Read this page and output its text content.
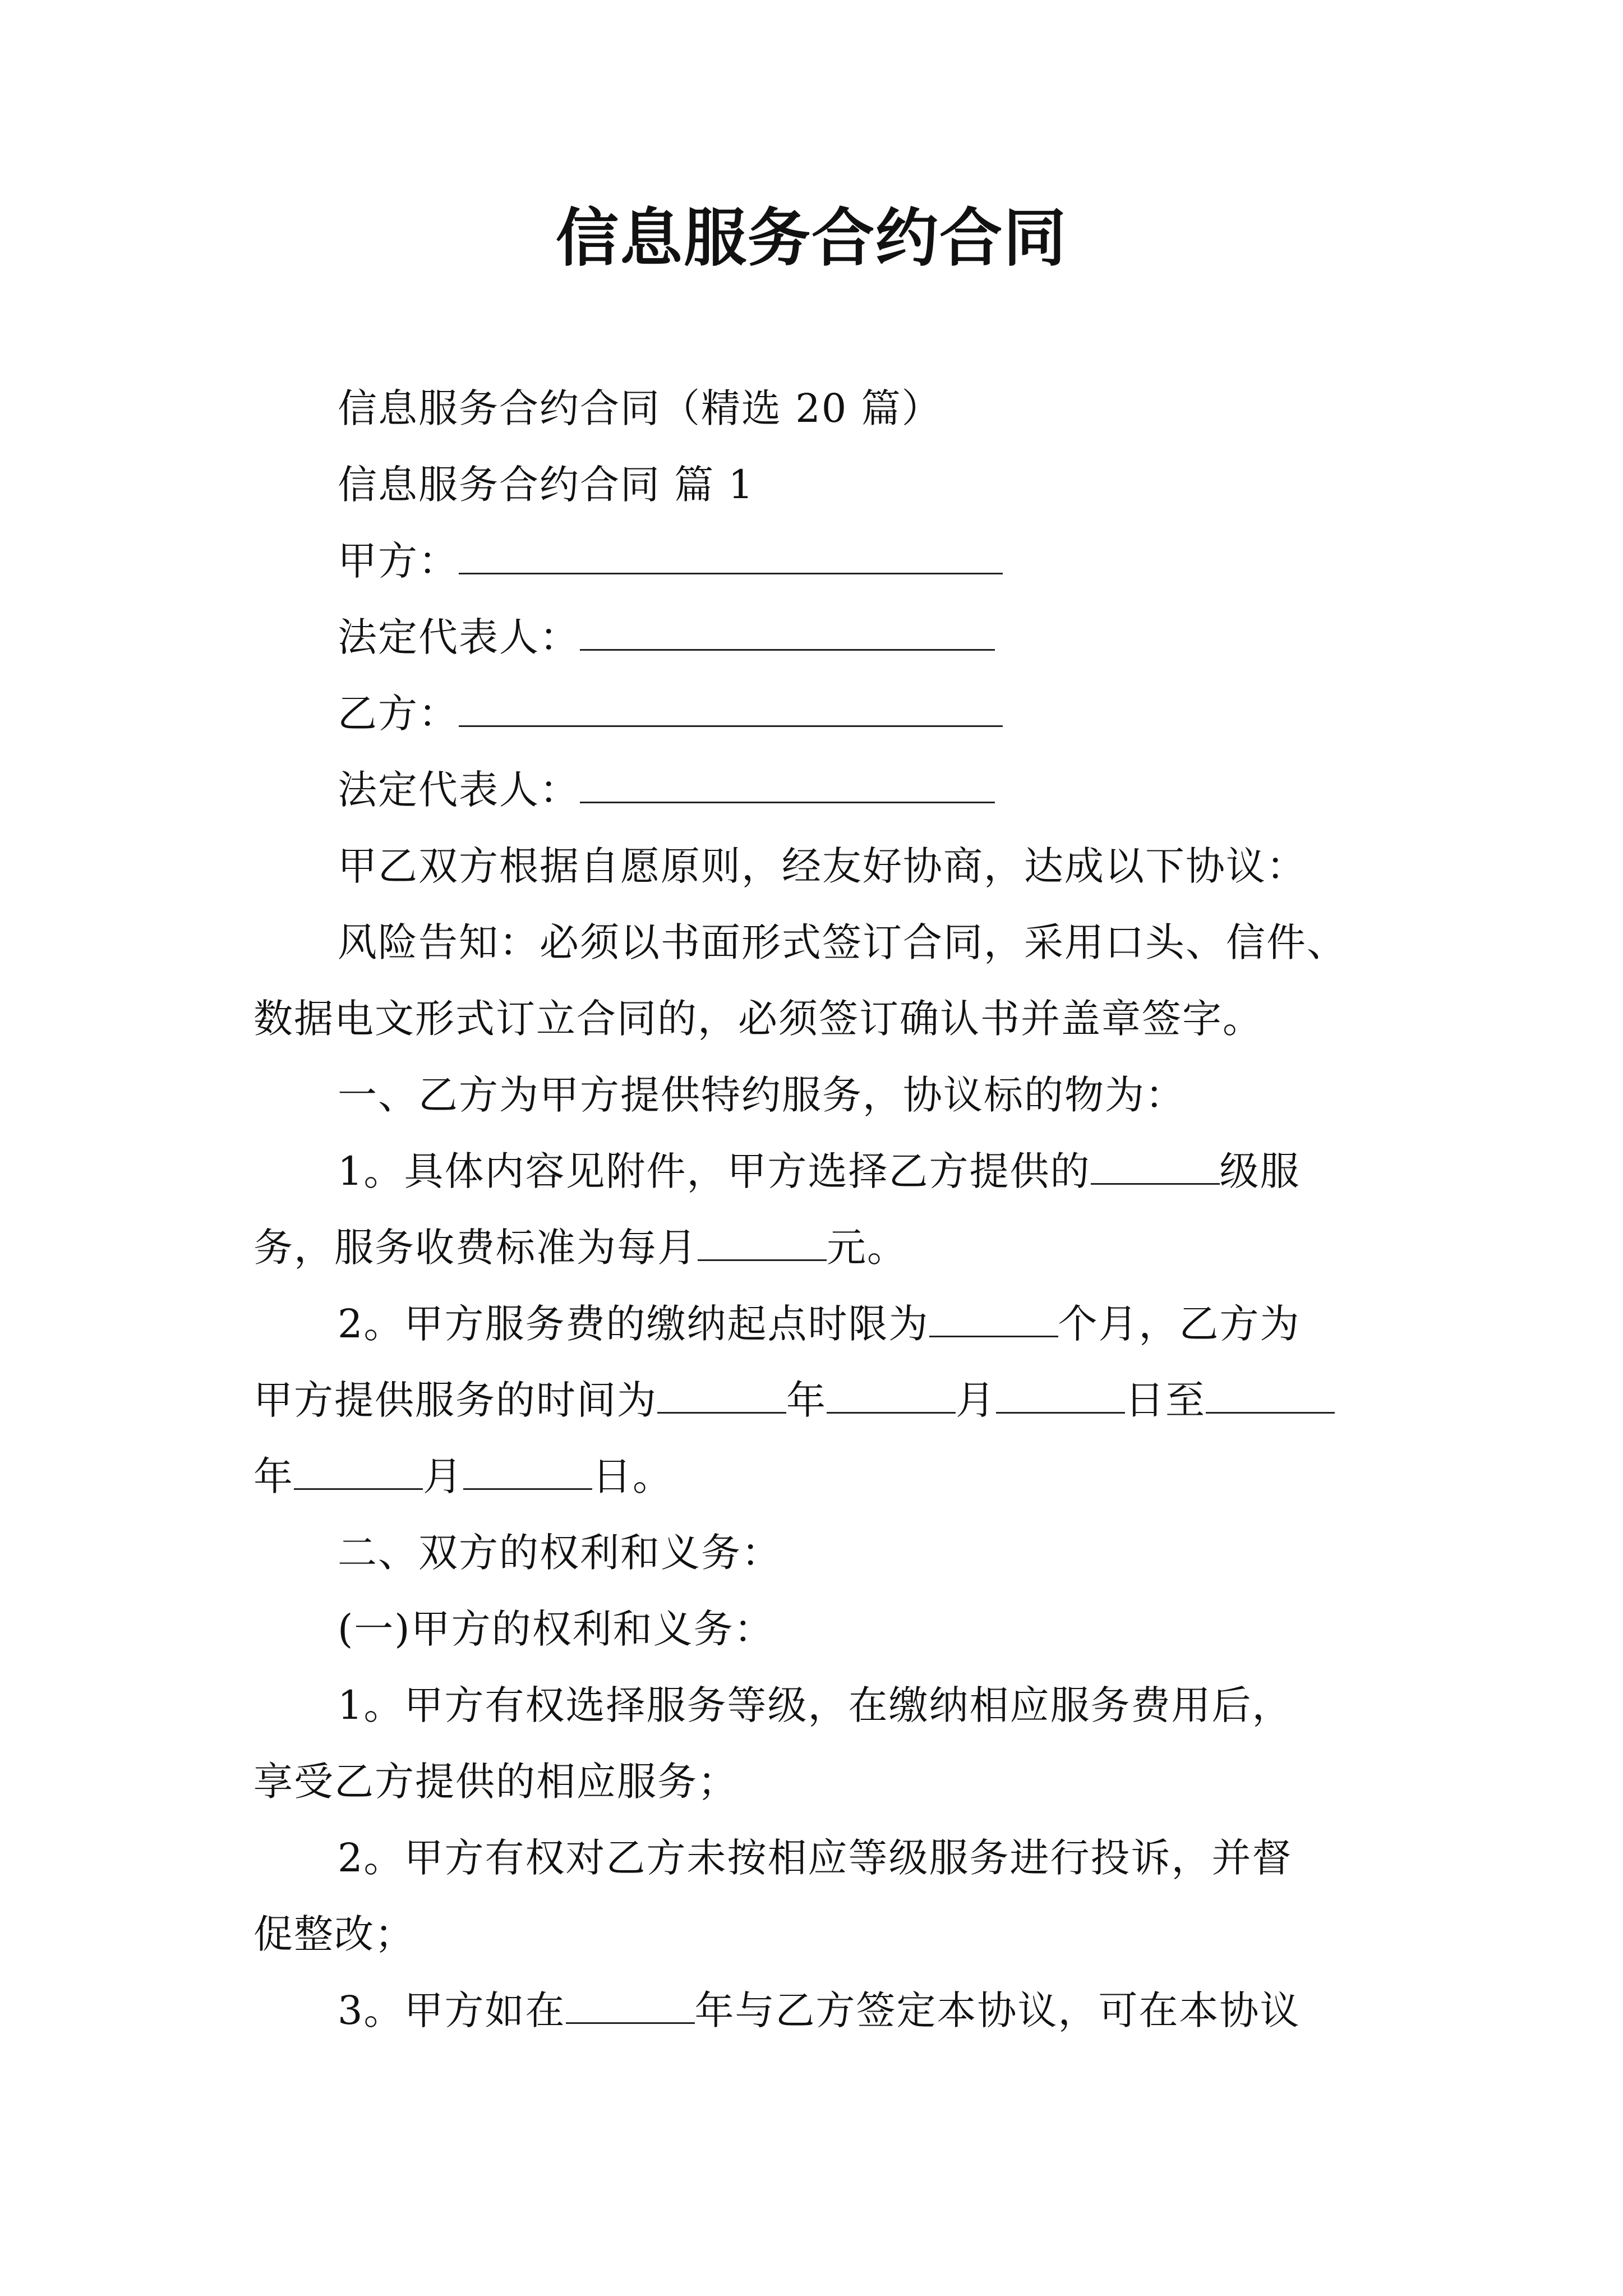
信息服务合约合同
信息服务合约合同（精选 20 篇）
信息服务合约合同 篇 1
甲方：
法定代表人：
乙方：
法定代表人：
甲乙双方根据自愿原则，经友好协商，达成以下协议：
风险告知：必须以书面形式签订合同，采用口头、信件、
数据电文形式订立合同的，必须签订确认书并盖章签字。
一、乙方为甲方提供特约服务，协议标的物为：
1。具体内容见附件，甲方选择乙方提供的	级服
务，服务收费标准为每月	元。
2。甲方服务费的缴纳起点时限为	个月，乙方为
甲方提供服务的时间为	年	月	日至
年	月	日。
二、双方的权利和义务：
(一)甲方的权利和义务：
1。甲方有权选择服务等级，在缴纳相应服务费用后，
享受乙方提供的相应服务；
2。甲方有权对乙方未按相应等级服务进行投诉，并督
促整改；
3。甲方如在	年与乙方签定本协议，可在本协议
